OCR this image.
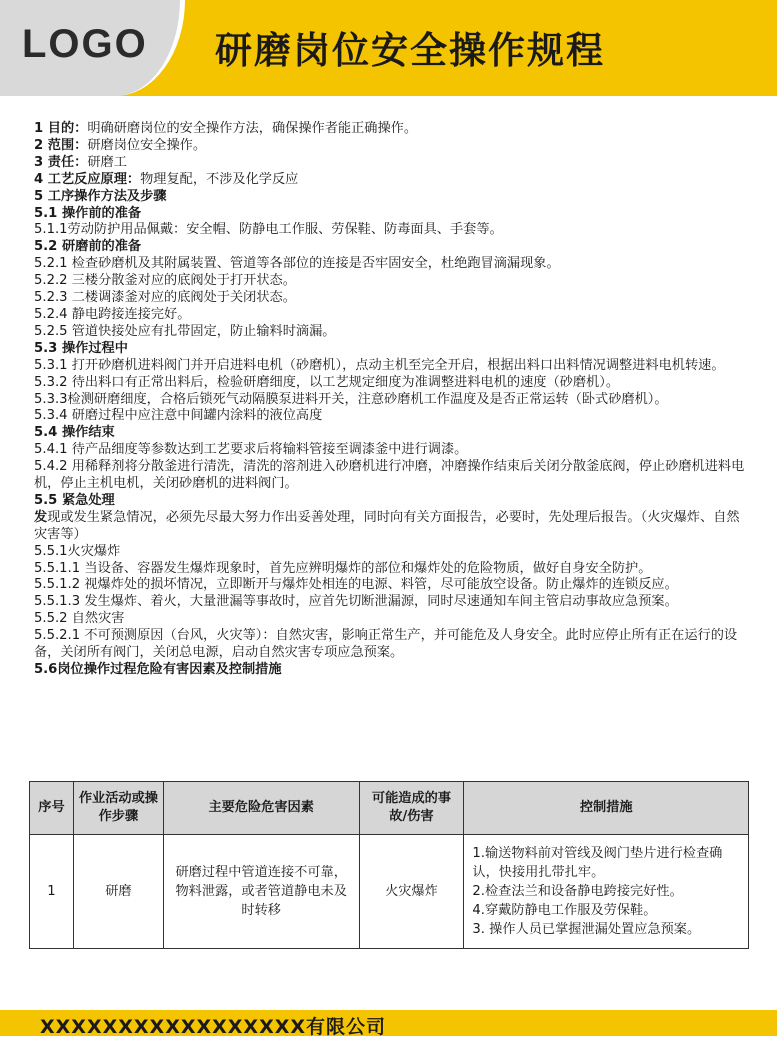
LOGO 研磨岗位安全操作规程

1 目的：明确研磨岗位的安全操作方法，确保操作者能正确操作。

2 范围：研磨岗位安全操作。

3 责任：研磨工

4 工艺反应原理：物理复配，不涉及化学反应

5 工序操作方法及步骤

5.1 操作前的准备

5.1.1劳动防护用品佩戴：安全帽、防静电工作服、劳保鞋、防毒面具、手套等。

5.2 研磨前的准备

5.2.1 检查砂磨机及其附属装置、管道等各部位的连接是否牢固安全，杜绝跑冒滴漏现象。

5.2.2 三楼分散釜对应的底阀处于打开状态。

5.2.3 二楼调漆釜对应的底阀处于关闭状态。

5.2.4 静电跨接连接完好。

5.2.5 管道快接处应有扎带固定，防止输料时滴漏。

5.3 操作过程中

5.3.1 打开砂磨机进料阀门并开启进料电机（砂磨机），点动主机至完全开启，根据出料口出料情况调整进料电机转速。

5.3.2 待出料口有正常出料后，检验研磨细度，以工艺规定细度为准调整进料电机的速度（砂磨机）。

5.3.3检测研磨细度，合格后锁死气动隔膜泵进料开关，注意砂磨机工作温度及是否正常运转（卧式砂磨机）。

5.3.4 研磨过程中应注意中间罐内涂料的液位高度

5.4 操作结束

5.4.1 待产品细度等参数达到工艺要求后将输料管接至调漆釜中进行调漆。

5.4.2 用稀释剂将分散釜进行清洗，清洗的溶剂进入砂磨机进行冲磨，冲磨操作结束后关闭分散釜底阀，停止砂磨机进料电机，停止主机电机，关闭砂磨机的进料阀门。

5.5 紧急处理

发现或发生紧急情况，必须先尽最大努力作出妥善处理，同时向有关方面报告，必要时，先处理后报告。（火灾爆炸、自然灾害等）

5.5.1火灾爆炸

5.5.1.1 当设备、容器发生爆炸现象时，首先应辨明爆炸的部位和爆炸处的危险物质，做好自身安全防护。

5.5.1.2 视爆炸处的损坏情况，立即断开与爆炸处相连的电源、料管，尽可能放空设备。防止爆炸的连锁反应。

5.5.1.3 发生爆炸、着火，大量泄漏等事故时，应首先切断泄漏源，同时尽速通知车间主管启动事故应急预案。

5.5.2 自然灾害

5.5.2.1 不可预测原因（台风，火灾等）：自然灾害，影响正常生产，并可能危及人身安全。此时应停止所有正在运行的设备，关闭所有阀门，关闭总电源，启动自然灾害专项应急预案。

5.6岗位操作过程危险有害因素及控制措施

序号	作业活动或操作步骤	主要危险危害因素	可能造成的事故/伤害	控制措施
1	研磨	研磨过程中管道连接不可靠，物料泄露，或者管道静电未及时转移	火灾爆炸	1.输送物料前对管线及阀门垫片进行检查确认，快接用扎带扎牢。
2.检查法兰和设备静电跨接完好性。
4.穿戴防静电工作服及劳保鞋。
3. 操作人员已掌握泄漏处置应急预案。
XXXXXXXXXXXXXXXXX有限公司
